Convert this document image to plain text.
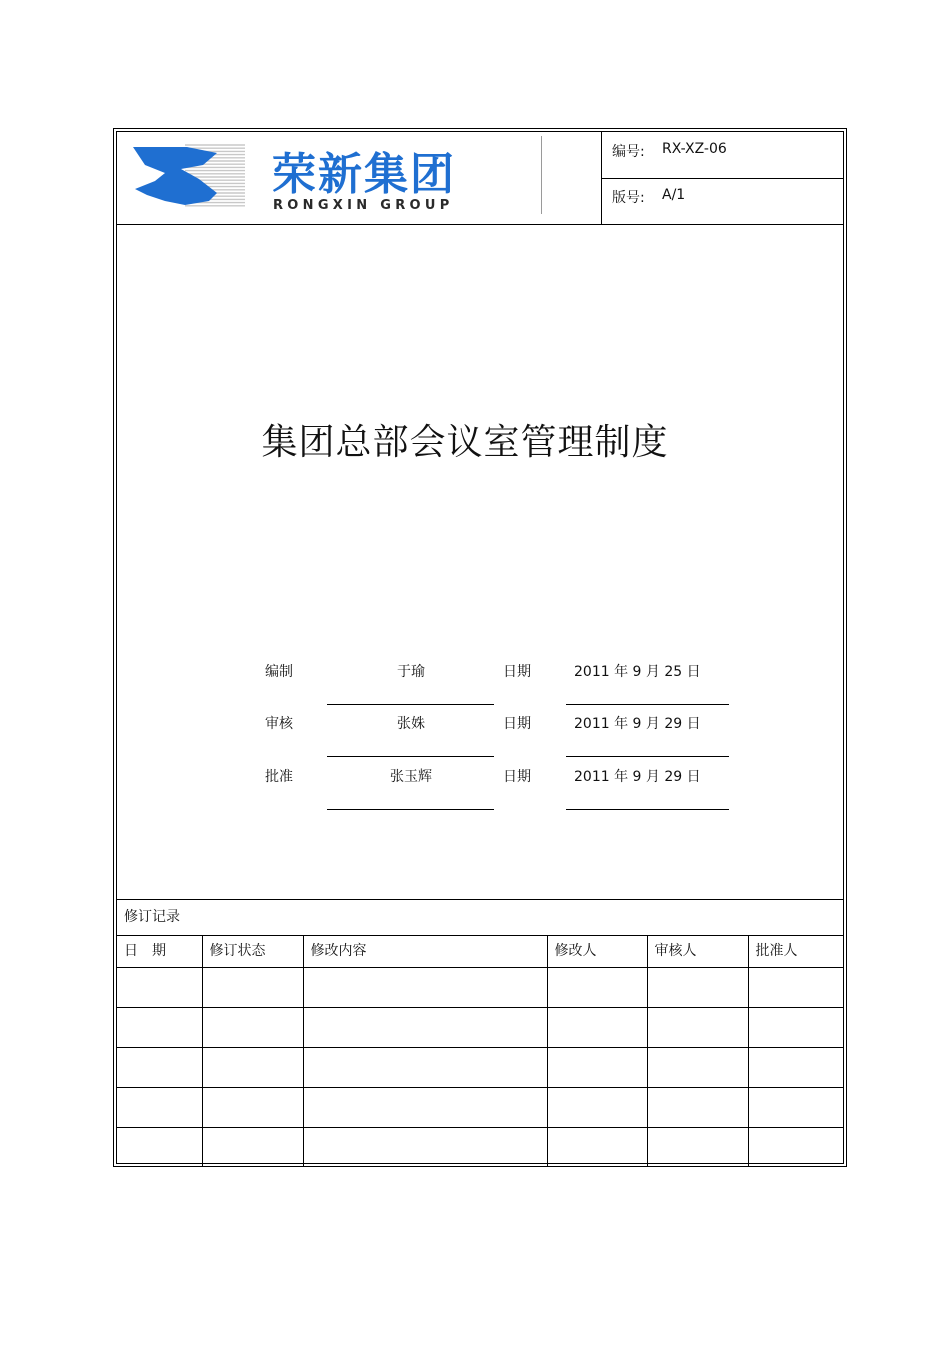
荣新集团
RONGXIN GROUP
编号: RX-XZ-06
版号: A/1
集团总部会议室管理制度
编制	于瑜	日期	2011 年 9 月 25 日
审核	张姝	日期	2011 年 9 月 29 日
批准	张玉辉	日期	2011 年 9 月 29 日
修订记录
日　期	修订状态	修改内容	修改人	审核人	批准人
